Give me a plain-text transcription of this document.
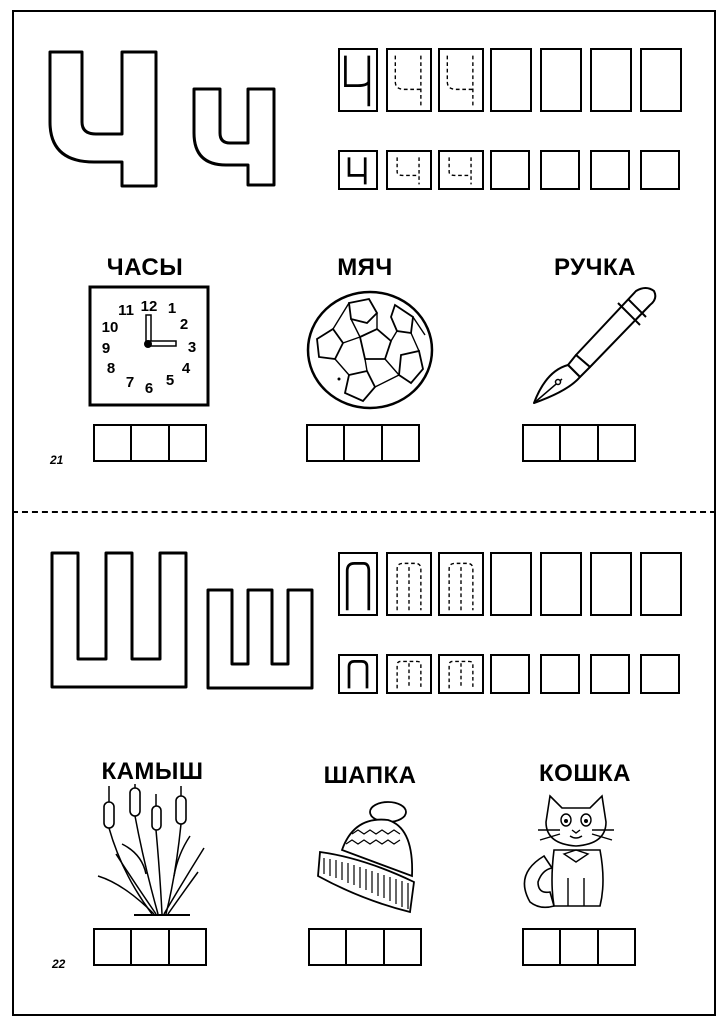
ЧАСЫ	МЯЧ	РУЧКА
12 1
2
3
4
5
6
7
8
9
10
11
21
КАМЫШ	ШАПКА	КОШКА
22
